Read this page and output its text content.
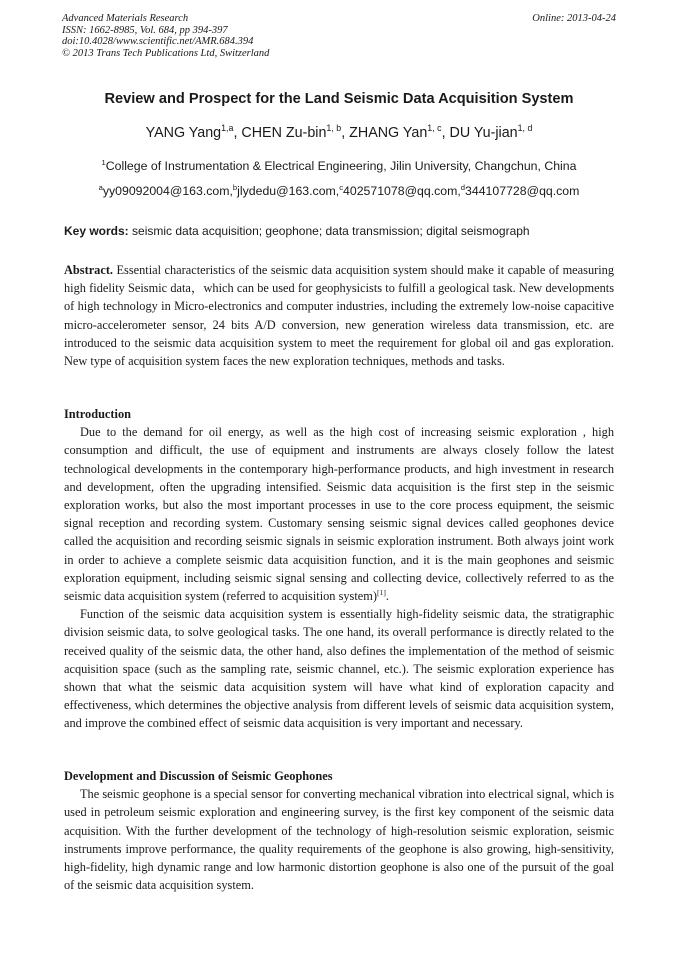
Advanced Materials Research
ISSN: 1662-8985, Vol. 684, pp 394-397
doi:10.4028/www.scientific.net/AMR.684.394
© 2013 Trans Tech Publications Ltd, Switzerland
Online: 2013-04-24
Review and Prospect for the Land Seismic Data Acquisition System
YANG Yang$^{1,a}$, CHEN Zu-bin$^{1, b}$, ZHANG Yan$^{1, c}$, DU Yu-jian$^{1, d}$
$^1$College of Instrumentation & Electrical Engineering, Jilin University, Changchun, China
$^a$yy09092004@163.com,$^b$jlydedu@163.com,$^c$402571078@qq.com,$^d$344107728@qq.com
Key words: seismic data acquisition; geophone; data transmission; digital seismograph

Abstract. Essential characteristics of the seismic data acquisition system should make it capable of measuring high fidelity Seismic data，which can be used for geophysicists to fulfill a geological task. New developments of high technology in Micro-electronics and computer industries, including the extremely low-noise capacitive micro-accelerometer sensor, 24 bits A/D conversion, new generation wireless data transmission, etc. are introduced to the seismic data acquisition system to meet the requirement for global oil and gas exploration. New type of acquisition system faces the new exploration techniques, methods and tasks.

Introduction

Due to the demand for oil energy, as well as the high cost of increasing seismic exploration , high consumption and difficult, the use of equipment and instruments are always closely follow the latest technological developments in the contemporary high-performance products, and high investment in research and development, often the upgrading intensified. Seismic data acquisition is the first step in the seismic exploration works, but also the most important processes in use to the core process equipment, the seismic signal reception and recording system. Customary sensing seismic signal devices called geophones device called the acquisition and recording seismic signals in seismic exploration instrument. Both always joint work in order to achieve a complete seismic data acquisition function, and it is the main geophones and seismic exploration equipment, including seismic signal sensing and collecting device, collectively referred to as the seismic data acquisition system (referred to acquisition system)[1].

Function of the seismic data acquisition system is essentially high-fidelity seismic data, the stratigraphic division seismic data, to solve geological tasks. The one hand, its overall performance is directly related to the received quality of the seismic data, the other hand, also defines the implementation of the method of seismic acquisition space (such as the sampling rate, seismic channel, etc.). The seismic exploration experience has shown that what the seismic data acquisition system will have what kind of exploration capacity and effectiveness, which determines the objective analysis from different levels of seismic data acquisition system, and improve the combined effect of seismic data acquisition is very important and necessary.

Development and Discussion of Seismic Geophones

The seismic geophone is a special sensor for converting mechanical vibration into electrical signal, which is used in petroleum seismic exploration and engineering survey, is the first key component of the seismic data acquisition. With the further development of the technology of high-resolution seismic exploration, seismic instruments improve performance, the quality requirements of the geophone is also growing, high-sensitivity, high-fidelity, high dynamic range and low harmonic distortion geophone is also one of the pursuit of the goal of the seismic data acquisition system.
